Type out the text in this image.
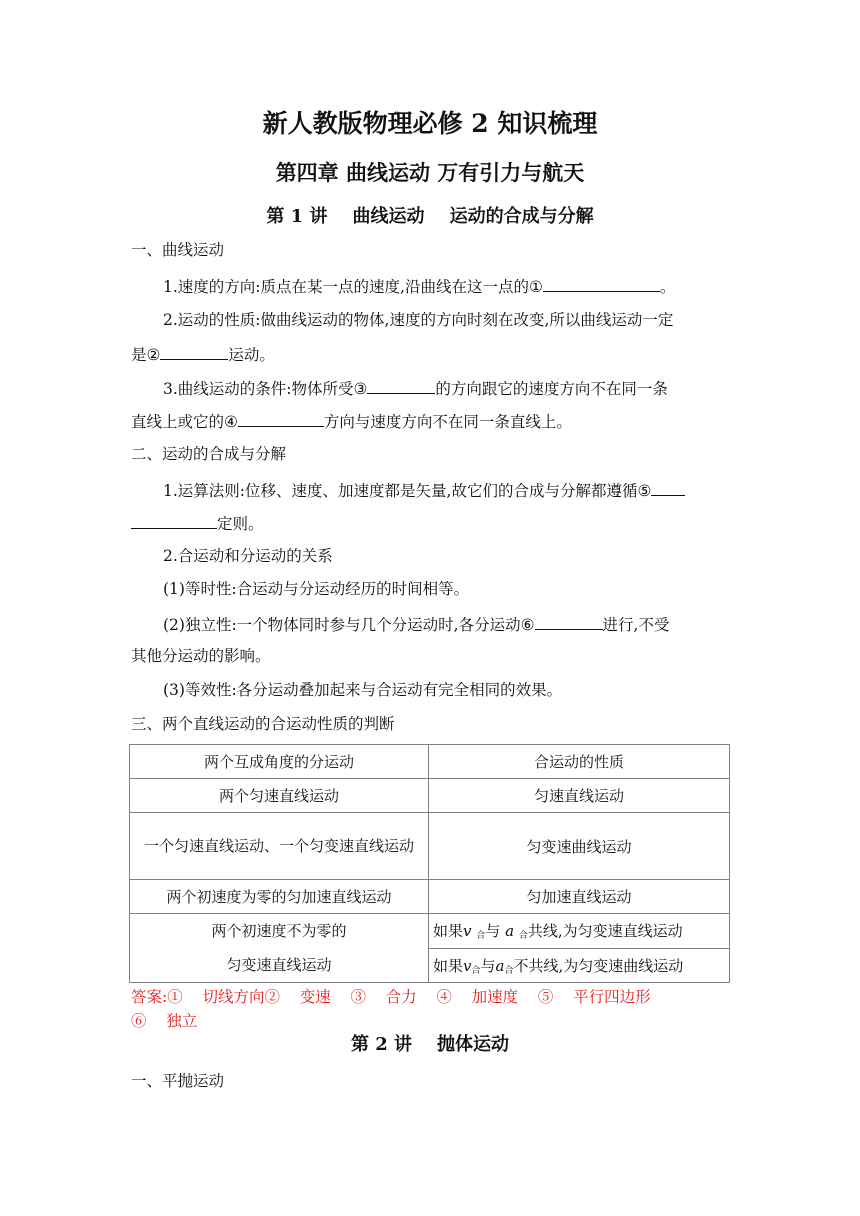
新人教版物理必修 2 知识梳理
第四章 曲线运动 万有引力与航天
第 1 讲    曲线运动    运动的合成与分解
一、曲线运动
1.速度的方向:质点在某一点的速度,沿曲线在这一点的①	。
2.运动的性质:做曲线运动的物体,速度的方向时刻在改变,所以曲线运动一定
是②	运动。
3.曲线运动的条件:物体所受③	的方向跟它的速度方向不在同一条
直线上或它的④	方向与速度方向不在同一条直线上。
二、运动的合成与分解
1.运算法则:位移、速度、加速度都是矢量,故它们的合成与分解都遵循⑤
定则。
2.合运动和分运动的关系
(1)等时性:合运动与分运动经历的时间相等。
(2)独立性:一个物体同时参与几个分运动时,各分运动⑥	进行,不受
其他分运动的影响。
(3)等效性:各分运动叠加起来与合运动有完全相同的效果。
三、两个直线运动的合运动性质的判断
两个互成角度的分运动	合运动的性质
两个匀速直线运动	匀速直线运动
一个匀速直线运动、一个匀变速直线运动	匀变速曲线运动
两个初速度为零的匀加速直线运动	匀加速直线运动

两个初速度不为零的
匀变速直线运动	如果v $_合$与 a $_合$共线,为匀变速直线运动
	如果$v_合$与$a_合$不共线,为匀变速曲线运动
答案:① 切线方向② 变速 ③ 合力 ④ 加速度 ⑤ 平行四边形
⑥ 独立
第 2 讲    抛体运动
一、平抛运动
